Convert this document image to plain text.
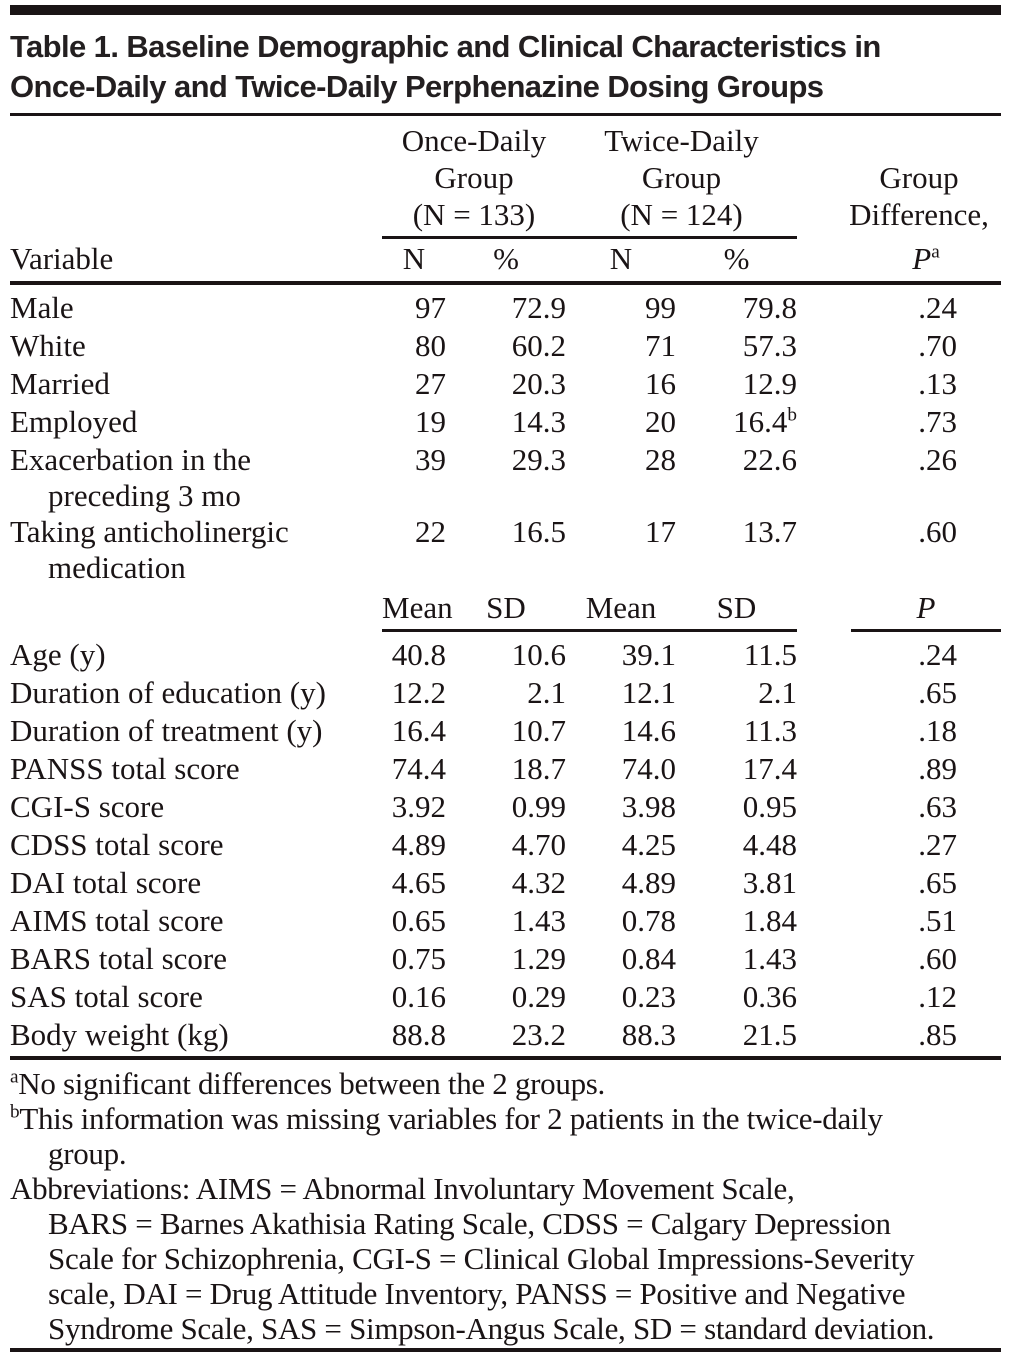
Table 1. Baseline Demographic and Clinical Characteristics in
Once-Daily and Twice-Daily Perphenazine Dosing Groups
Once-Daily
Group
(N = 133)
Twice-Daily
Group
(N = 124)
Group
Difference,
Variable	N	%	N	%	$P^a$
Male	97	72.9	99	79.8	.24
White	80	60.2	71	57.3	.70
Married	27	20.3	16	12.9	.13
Employed	19	14.3	20	16.4$^b$	.73
Exacerbation in the
preceding 3 mo
39	29.3	28	22.6	.26
Taking anticholinergic
medication
22	16.5	17	13.7	.60
Mean	SD	Mean	SD	P
Age (y)	40.8	10.6	39.1	11.5	.24
Duration of education (y)	12.2	2.1	12.1	2.1	.65
Duration of treatment (y)	16.4	10.7	14.6	11.3	.18
PANSS total score	74.4	18.7	74.0	17.4	.89
CGI-S score	3.92	0.99	3.98	0.95	.63
CDSS total score	4.89	4.70	4.25	4.48	.27
DAI total score	4.65	4.32	4.89	3.81	.65
AIMS total score	0.65	1.43	0.78	1.84	.51
BARS total score	0.75	1.29	0.84	1.43	.60
SAS total score	0.16	0.29	0.23	0.36	.12
Body weight (kg)	88.8	23.2	88.3	21.5	.85
$^a$No significant differences between the 2 groups.
$^b$This information was missing variables for 2 patients in the twice-daily
group.
Abbreviations: AIMS = Abnormal Involuntary Movement Scale,
BARS = Barnes Akathisia Rating Scale, CDSS = Calgary Depression
Scale for Schizophrenia, CGI-S = Clinical Global Impressions-Severity
scale, DAI = Drug Attitude Inventory, PANSS = Positive and Negative
Syndrome Scale, SAS = Simpson-Angus Scale, SD = standard deviation.
